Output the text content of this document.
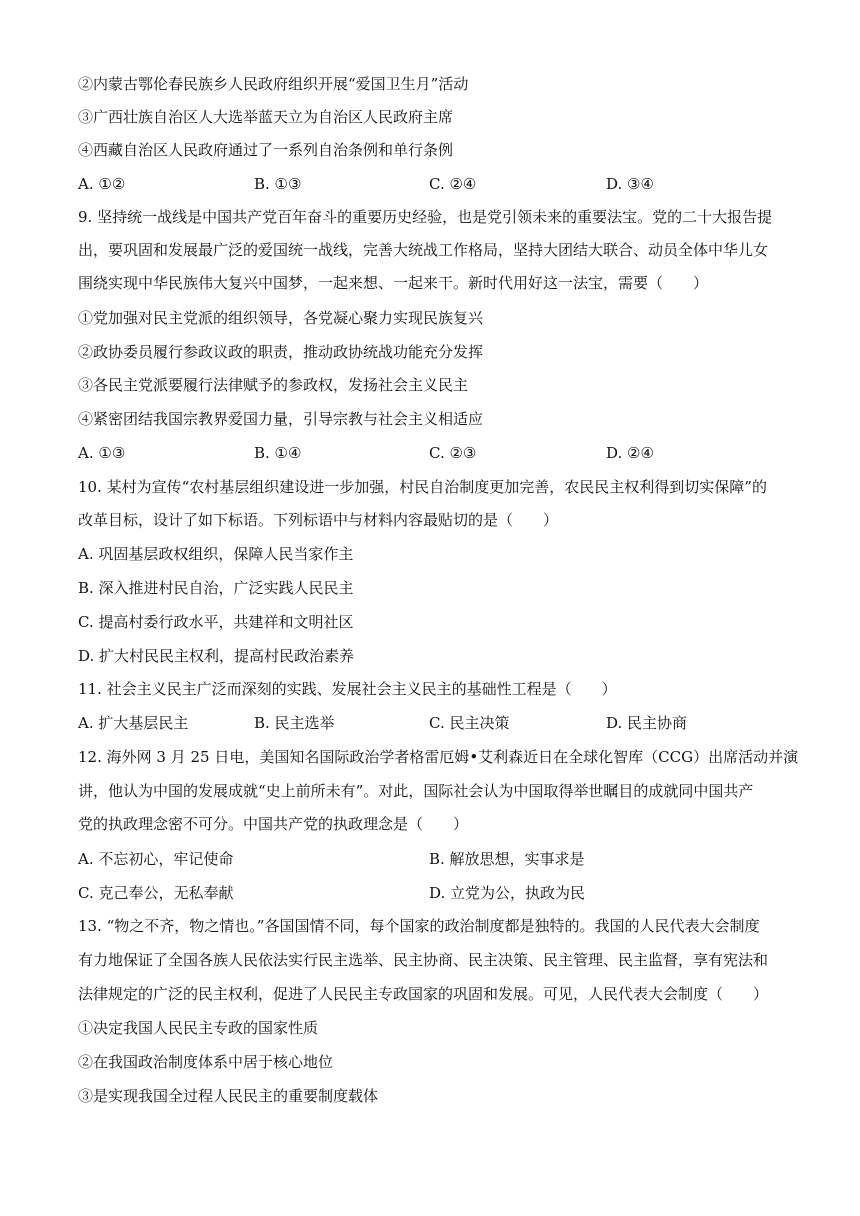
②内蒙古鄂伦春民族乡人民政府组织开展“爱国卫生月”活动
③广西壮族自治区人大选举蓝天立为自治区人民政府主席
④西藏自治区人民政府通过了一系列自治条例和单行条例
A. ①②	B. ①③	C. ②④	D. ③④
9. 坚持统一战线是中国共产党百年奋斗的重要历史经验，也是党引领未来的重要法宝。党的二十大报告提
出，要巩固和发展最广泛的爱国统一战线，完善大统战工作格局，坚持大团结大联合、动员全体中华儿女
围绕实现中华民族伟大复兴中国梦，一起来想、一起来干。新时代用好这一法宝，需要（　　）
①党加强对民主党派的组织领导，各党凝心聚力实现民族复兴
②政协委员履行参政议政的职责，推动政协统战功能充分发挥
③各民主党派要履行法律赋予的参政权，发扬社会主义民主
④紧密团结我国宗教界爱国力量，引导宗教与社会主义相适应
A. ①③	B. ①④	C. ②③	D. ②④
10. 某村为宣传“农村基层组织建设进一步加强，村民自治制度更加完善，农民民主权利得到切实保障”的
改革目标，设计了如下标语。下列标语中与材料内容最贴切的是（　　）
A. 巩固基层政权组织，保障人民当家作主
B. 深入推进村民自治，广泛实践人民民主
C. 提高村委行政水平，共建祥和文明社区
D. 扩大村民民主权利，提高村民政治素养
11. 社会主义民主广泛而深刻的实践、发展社会主义民主的基础性工程是（　　）
A. 扩大基层民主	B. 民主选举	C. 民主决策	D. 民主协商
12. 海外网 3 月 25 日电，美国知名国际政治学者格雷厄姆•艾利森近日在全球化智库（CCG）出席活动并演
讲，他认为中国的发展成就“史上前所未有”。对此，国际社会认为中国取得举世瞩目的成就同中国共产
党的执政理念密不可分。中国共产党的执政理念是（　　）
A. 不忘初心，牢记使命	B. 解放思想，实事求是
C. 克己奉公，无私奉献	D. 立党为公，执政为民
13. “物之不齐，物之情也。”各国国情不同，每个国家的政治制度都是独特的。我国的人民代表大会制度
有力地保证了全国各族人民依法实行民主选举、民主协商、民主决策、民主管理、民主监督，享有宪法和
法律规定的广泛的民主权利，促进了人民民主专政国家的巩固和发展。可见，人民代表大会制度（　　）
①决定我国人民民主专政的国家性质
②在我国政治制度体系中居于核心地位
③是实现我国全过程人民民主的重要制度载体
